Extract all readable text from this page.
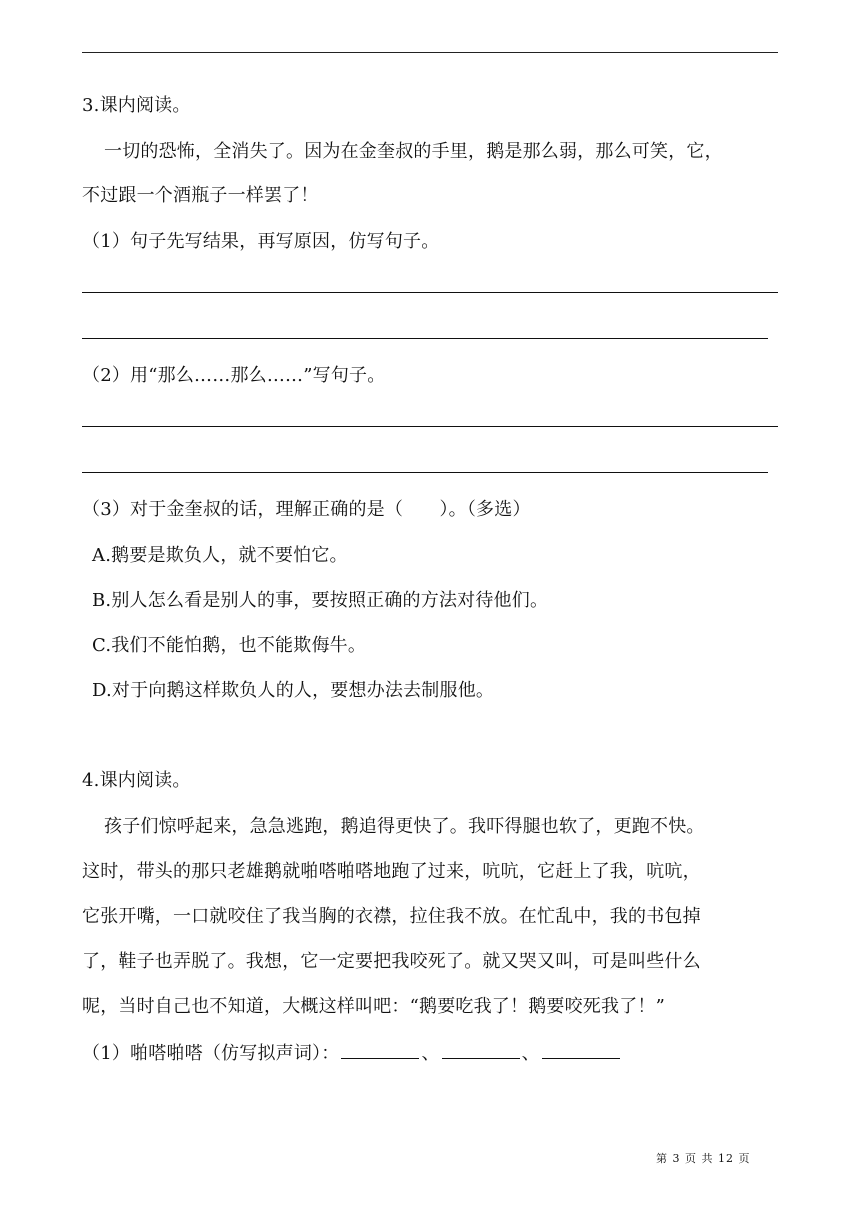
3.课内阅读。
一切的恐怖，全消失了。因为在金奎叔的手里，鹅是那么弱，那么可笑，它，
不过跟一个酒瓶子一样罢了！
（1）句子先写结果，再写原因，仿写句子。
（2）用“那么……那么……”写句子。
（3）对于金奎叔的话，理解正确的是（　　）。（多选）
A.鹅要是欺负人，就不要怕它。
B.别人怎么看是别人的事，要按照正确的方法对待他们。
C.我们不能怕鹅，也不能欺侮牛。
D.对于向鹅这样欺负人的人，要想办法去制服他。
4.课内阅读。
孩子们惊呼起来，急急逃跑，鹅追得更快了。我吓得腿也软了，更跑不快。
这时，带头的那只老雄鹅就啪嗒啪嗒地跑了过来，吭吭，它赶上了我，吭吭，
它张开嘴，一口就咬住了我当胸的衣襟，拉住我不放。在忙乱中，我的书包掉
了，鞋子也弄脱了。我想，它一定要把我咬死了。就又哭又叫，可是叫些什么
呢，当时自己也不知道，大概这样叫吧：“鹅要吃我了！鹅要咬死我了！”
（1）啪嗒啪嗒（仿写拟声词）：	、	、
第 3 页 共 12 页
